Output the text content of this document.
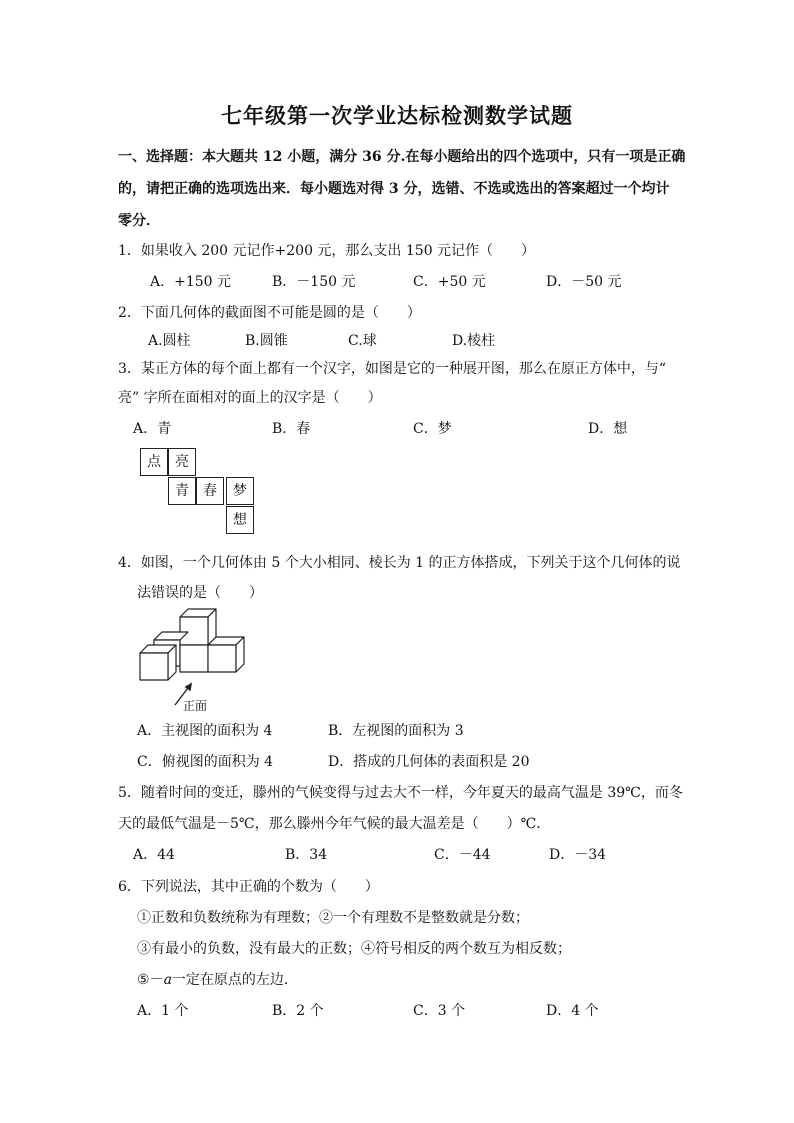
七年级第一次学业达标检测数学试题
一、选择题：本大题共 12 小题，满分 36 分.在每小题给出的四个选项中，只有一项是正确
的，请把正确的选项选出来．每小题选对得 3 分，选错、不选或选出的答案超过一个均计
零分．
1．如果收入 200 元记作+200 元，那么支出 150 元记作（　　）
A．+150 元	B．－150 元	C．+50 元	D．－50 元
2．下面几何体的截面图不可能是圆的是（　　）
A.圆柱	B.圆锥	C.球	D.棱柱
3．某正方体的每个面上都有一个汉字，如图是它的一种展开图，那么在原正方体中，与“
亮” 字所在面相对的面上的汉字是（　　）
A．青	B．春	C．梦	D．想
点	亮
青	春	梦
想
4．如图，一个几何体由 5 个大小相同、棱长为 1 的正方体搭成，下列关于这个几何体的说
法错误的是（　　）
正面
A．主视图的面积为 4	B．左视图的面积为 3
C．俯视图的面积为 4	D．搭成的几何体的表面积是 20
5．随着时间的变迁，滕州的气候变得与过去大不一样，今年夏天的最高气温是 39℃，而冬
天的最低气温是－5℃，那么滕州今年气候的最大温差是（　　）℃．
A．44	B．34	C．－44	D．－34
6．下列说法，其中正确的个数为（　　）
①正数和负数统称为有理数；②一个有理数不是整数就是分数；
③有最小的负数，没有最大的正数；④符号相反的两个数互为相反数；
⑤－a一定在原点的左边．
A．1 个	B．2 个	C．3 个	D．4 个
